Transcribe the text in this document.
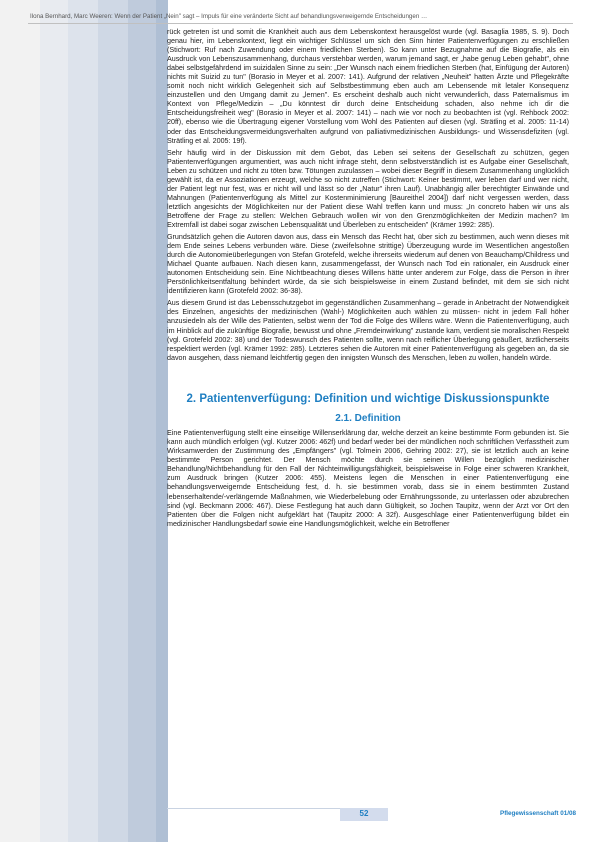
Ilona Bernhard, Marc Weeren: Wenn der Patient „Nein" sagt – Impuls für eine veränderte Sicht auf behandlungsverweigernde Entscheidungen …

rück getreten ist und somit die Krankheit auch aus dem Lebenskontext herausgelöst wurde (vgl. Basaglia 1985, S. 9). Doch genau hier, im Lebenskontext, liegt ein wichtiger Schlüssel um sich den Sinn hinter Patientenverfügungen zu erschließen (Stichwort: Ruf nach Zuwendung oder einem friedlichen Sterben). So kann unter Bezugnahme auf die Biografie, als ein Ausdruck von Lebenszusammenhang, durchaus verstehbar werden, warum jemand sagt, er „habe genug Leben gehabt", ohne dabei selbstgefährdend im suizidalen Sinne zu sein: „Der Wunsch nach einem friedlichen Sterben (hat, Einfügung der Autoren) nichts mit Suizid zu tun" (Borasio in Meyer et al. 2007: 141). Aufgrund der relativen „Neuheit" hatten Ärzte und Pflegekräfte somit noch nicht wirklich Gelegenheit sich auf Selbstbestimmung eben auch am Lebensende mit letaler Konsequenz einzustellen und den Umgang damit zu „lernen". Es erscheint deshalb auch nicht verwunderlich, dass Paternalismus im Kontext von Pflege/Medizin – „Du könntest dir durch deine Entscheidung schaden, also nehme ich dir die Entscheidungsfreiheit weg" (Borasio in Meyer et al. 2007: 141) – nach wie vor noch zu beobachten ist (vgl. Rehbock 2002: 20ff), ebenso wie die Übertragung eigener Vorstellung vom Wohl des Patienten auf diesen (vgl. Strätling et al. 2005: 11-14) oder das Entscheidungsvermeidungsverhalten aufgrund von palliativmedizinischen Ausbildungs- und Wissensdefiziten (vgl. Strätling et al. 2005: 19f).

Sehr häufig wird in der Diskussion mit dem Gebot, das Leben sei seitens der Gesellschaft zu schützen, gegen Patientenverfügungen argumentiert, was auch nicht infrage steht, denn selbstverständlich ist es Aufgabe einer Gesellschaft, Leben zu schützen und nicht zu töten bzw. Tötungen zuzulassen – wobei dieser Begriff in diesem Zusammenhang unglücklich gewählt ist, da er Assoziationen erzeugt, welche so nicht zutreffen (Stichwort: Keiner bestimmt, wer leben darf und wer nicht, der Patient legt nur fest, was er nicht will und lässt so der „Natur" ihren Lauf). Unabhängig aller berechtigter Einwände und Mahnungen (Patientenverfügung als Mittel zur Kostenminimierung [Baureithel 2004]) darf nicht vergessen werden, dass letztlich angesichts der Möglichkeiten nur der Patient diese Wahl treffen kann und muss: „In concreto haben wir uns als Betroffene der Frage zu stellen: Welchen Gebrauch wollen wir von den Grenzmöglichkeiten der Medizin machen? Im Extremfall ist dabei sogar zwischen Lebensqualität und Überleben zu entscheiden" (Krämer 1992: 285).

Grundsätzlich gehen die Autoren davon aus, dass ein Mensch das Recht hat, über sich zu bestimmen, auch wenn dieses mit dem Ende seines Lebens verbunden wäre. Diese (zweifelsohne strittige) Überzeugung wurde im Wesentlichen angestoßen durch die Autonomieüberlegungen von Stefan Grotefeld, welche ihrerseits wiederum auf denen von Beauchamp/Childress und Michael Quante aufbauen. Nach diesen kann, zusammengefasst, der Wunsch nach Tod ein rationaler, ein Ausdruck einer autonomen Entscheidung sein. Eine Nichtbeachtung dieses Willens hätte unter anderem zur Folge, dass die Person in ihrer Persönlichkeitsentfaltung behindert würde, da sie sich beispielsweise in einem Zustand befindet, mit dem sie sich nicht identifizieren kann (Grotefeld 2002: 36-38).

Aus diesem Grund ist das Lebensschutzgebot im gegenständlichen Zusammenhang – gerade in Anbetracht der Notwendigkeit des Einzelnen, angesichts der medizinischen (Wahl-) Möglichkeiten auch wählen zu müssen- nicht in jedem Fall höher anzusiedeln als der Wille des Patienten, selbst wenn der Tod die Folge des Willens wäre. Wenn die Patientenverfügung, auch im Hinblick auf die zukünftige Biografie, bewusst und ohne „Fremdeinwirkung" zustande kam, verdient sie moralischen Respekt (vgl. Grotefeld 2002: 38) und der Todeswunsch des Patienten sollte, wenn nach reiflicher Überlegung geäußert, ärztlicherseits respektiert werden (vgl. Krämer 1992: 285). Letzteres sehen die Autoren mit einer Patientenverfügung als gegeben an, da sie davon ausgehen, dass niemand leichtfertig gegen den innigsten Wunsch des Menschen, leben zu wollen, handeln würde.

2. Patientenverfügung: Definition und wichtige Diskussionspunkte
2.1. Definition

Eine Patientenverfügung stellt eine einseitige Willenserklärung dar, welche derzeit an keine bestimmte Form gebunden ist. Sie kann auch mündlich erfolgen (vgl. Kutzer 2006: 462f) und bedarf weder bei der mündlichen noch schriftlichen Verfasstheit zum Wirksamwerden der Zustimmung des „Empfängers" (vgl. Tolmein 2006, Gehring 2002: 27), sie ist letztlich auch an keine bestimmte Person gerichtet. Der Mensch möchte durch sie seinen Willen bezüglich medizinischer Behandlung/Nichtbehandlung für den Fall der Nichteinwilligungsfähigkeit, beispielsweise in Folge einer schweren Krankheit, zum Ausdruck bringen (Kutzer 2006: 455). Meistens legen die Menschen in einer Patientenverfügung eine behandlungsverweigernde Entscheidung fest, d. h. sie bestimmen vorab, dass sie in einem bestimmten Zustand lebenserhaltende/-verlängernde Maßnahmen, wie Wiederbelebung oder Ernährungssonde, zu unterlassen oder abzubrechen sind (vgl. Beckmann 2006: 467). Diese Festlegung hat auch dann Gültigkeit, so Jochen Taupitz, wenn der Arzt vor Ort den Patienten über die Folgen nicht aufgeklärt hat (Taupitz 2000: A 32f). Ausgeschlage einer Patientenverfügung bildet ein medizinischer Handlungsbedarf sowie eine Handlungsmöglichkeit, welche ein Betroffener

52	Pflegewissenschaft 01/08
